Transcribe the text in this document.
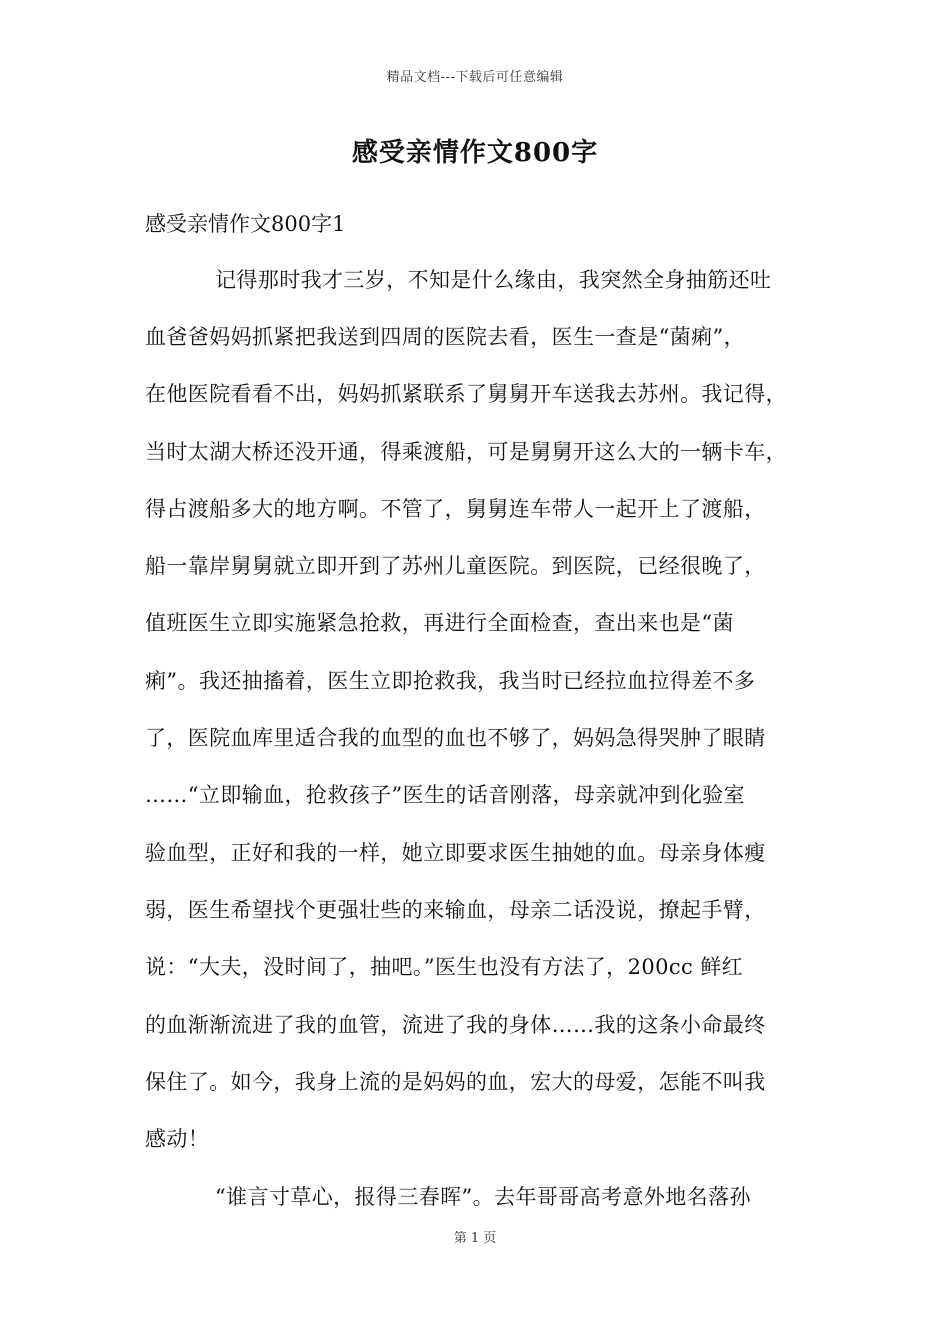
精品文档---下载后可任意编辑
感受亲情作文800字
感受亲情作文800字1
记得那时我才三岁，不知是什么缘由，我突然全身抽筋还吐
血爸爸妈妈抓紧把我送到四周的医院去看，医生一查是“菌痢”，
在他医院看看不出，妈妈抓紧联系了舅舅开车送我去苏州。我记得，
当时太湖大桥还没开通，得乘渡船，可是舅舅开这么大的一辆卡车，
得占渡船多大的地方啊。不管了，舅舅连车带人一起开上了渡船，
船一靠岸舅舅就立即开到了苏州儿童医院。到医院，已经很晚了，
值班医生立即实施紧急抢救，再进行全面检查，查出来也是“菌
痢”。我还抽搐着，医生立即抢救我，我当时已经拉血拉得差不多
了，医院血库里适合我的血型的血也不够了，妈妈急得哭肿了眼睛
……“立即输血，抢救孩子”医生的话音刚落，母亲就冲到化验室
验血型，正好和我的一样，她立即要求医生抽她的血。母亲身体瘦
弱，医生希望找个更强壮些的来输血，母亲二话没说，撩起手臂，
说：“大夫，没时间了，抽吧。”医生也没有方法了，200cc 鲜红
的血渐渐流进了我的血管，流进了我的身体……我的这条小命最终
保住了。如今，我身上流的是妈妈的血，宏大的母爱，怎能不叫我
感动！
“谁言寸草心，报得三春晖”。去年哥哥高考意外地名落孙
第 1 页
